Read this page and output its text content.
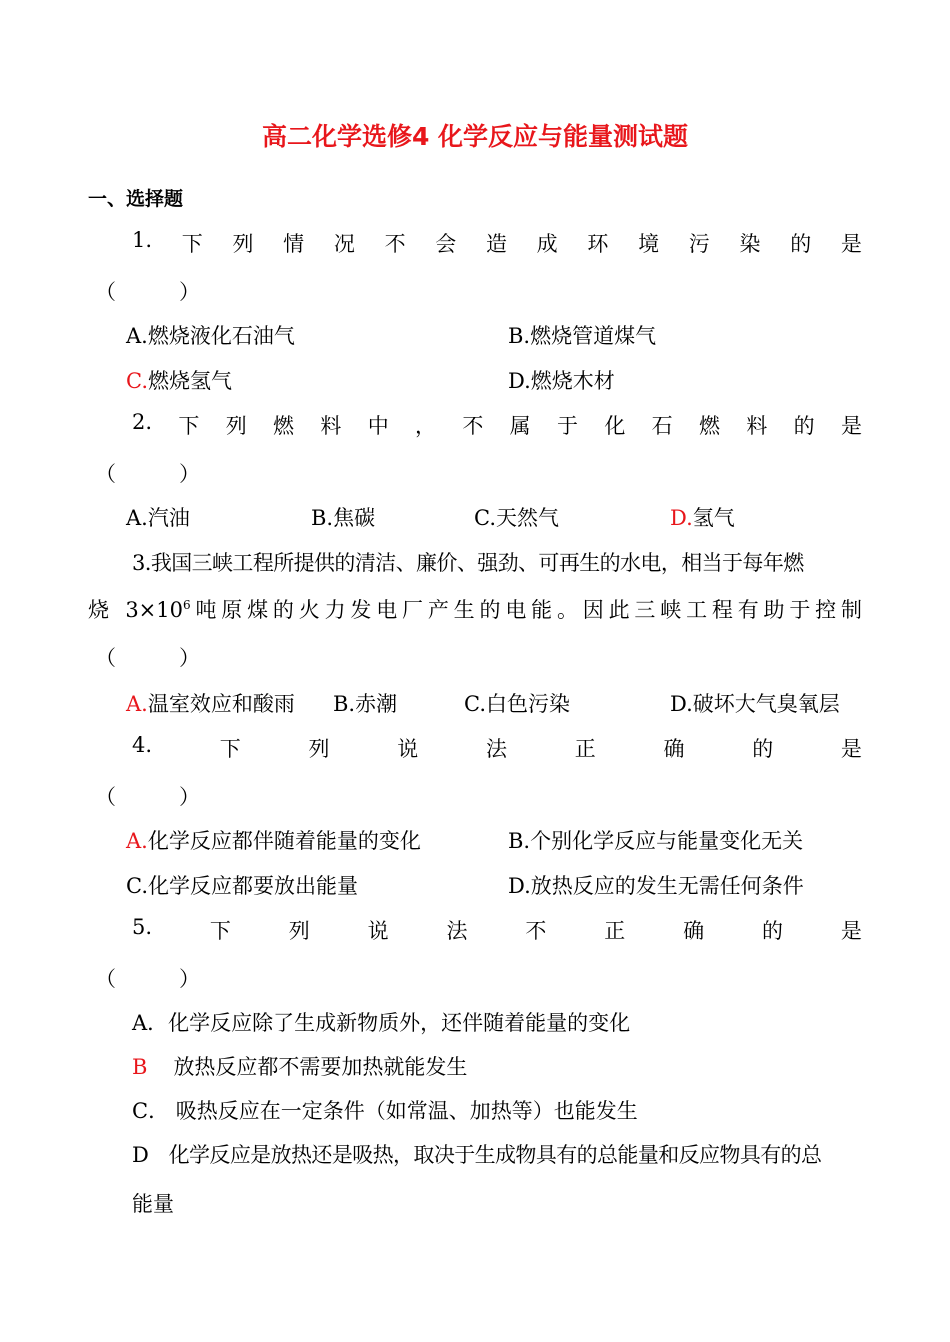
高二化学选修4 化学反应与能量测试题
一、选择题
1. 下 列 情 况 不 会 造 成 环 境 污 染 的 是
（　　　）
A.燃烧液化石油气	B.燃烧管道煤气
C.燃烧氢气	D.燃烧木材
2. 下 列 燃 料 中 ， 不 属 于 化 石 燃 料 的 是
（　　　）
A.汽油	B.焦碳	C.天然气	D.氢气
3.我国三峡工程所提供的清洁、廉价、强劲、可再生的水电，相当于每年燃
烧 $3\times 10^6$吨原煤的火力发电厂产生的电能。因此三峡工程有助于控制
（　　　）
A.温室效应和酸雨 B.赤潮	C.白色污染	D.破坏大气臭氧层
4.	下	列	说	法	正	确	的	是
（　　　）
A.化学反应都伴随着能量的变化	B.个别化学反应与能量变化无关
C.化学反应都要放出能量	D.放热反应的发生无需任何条件
5.	下	列	说	法	不	正	确	的	是
（　　　）
A．化学反应除了生成新物质外，还伴随着能量的变化
B 放热反应都不需要加热就能发生
C． 吸热反应在一定条件（如常温、加热等）也能发生
D　化学反应是放热还是吸热，取决于生成物具有的总能量和反应物具有的总
能量
